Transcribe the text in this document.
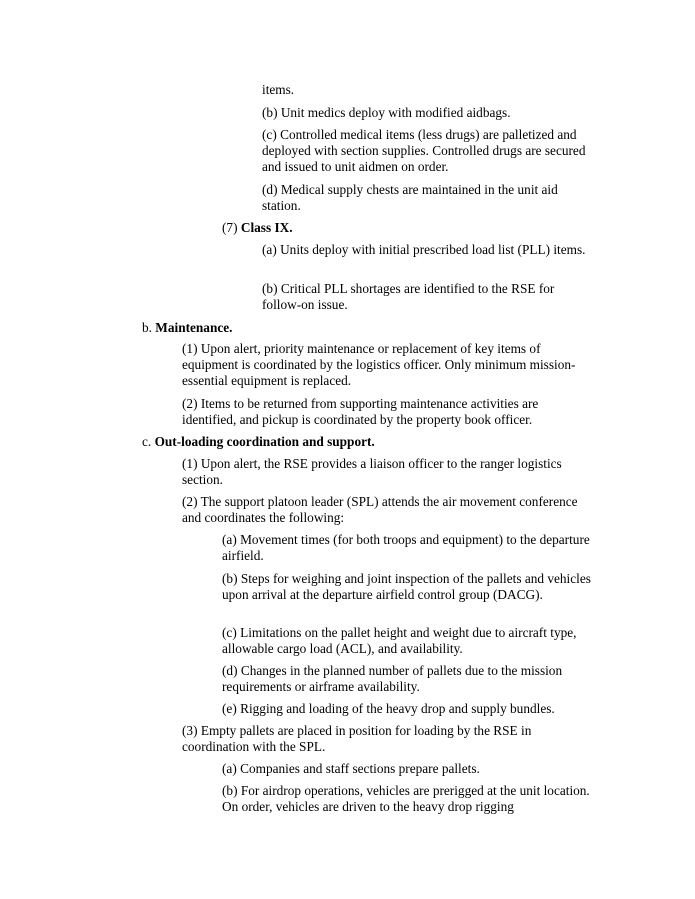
items.

(b) Unit medics deploy with modified aidbags.

(c) Controlled medical items (less drugs) are palletized and deployed with section supplies. Controlled drugs are secured and issued to unit aidmen on order.

(d) Medical supply chests are maintained in the unit aid station.

(7) Class IX.

(a) Units deploy with initial prescribed load list (PLL) items.

(b) Critical PLL shortages are identified to the RSE for follow-on issue.

b. Maintenance.

(1) Upon alert, priority maintenance or replacement of key items of equipment is coordinated by the logistics officer. Only minimum mission-essential equipment is replaced.

(2) Items to be returned from supporting maintenance activities are identified, and pickup is coordinated by the property book officer.

c. Out-loading coordination and support.

(1) Upon alert, the RSE provides a liaison officer to the ranger logistics section.

(2) The support platoon leader (SPL) attends the air movement conference and coordinates the following:

(a) Movement times (for both troops and equipment) to the departure airfield.

(b) Steps for weighing and joint inspection of the pallets and vehicles upon arrival at the departure airfield control group (DACG).

(c) Limitations on the pallet height and weight due to aircraft type, allowable cargo load (ACL), and availability.

(d) Changes in the planned number of pallets due to the mission requirements or airframe availability.

(e) Rigging and loading of the heavy drop and supply bundles.

(3) Empty pallets are placed in position for loading by the RSE in coordination with the SPL.

(a) Companies and staff sections prepare pallets.

(b) For airdrop operations, vehicles are prerigged at the unit location. On order, vehicles are driven to the heavy drop rigging
